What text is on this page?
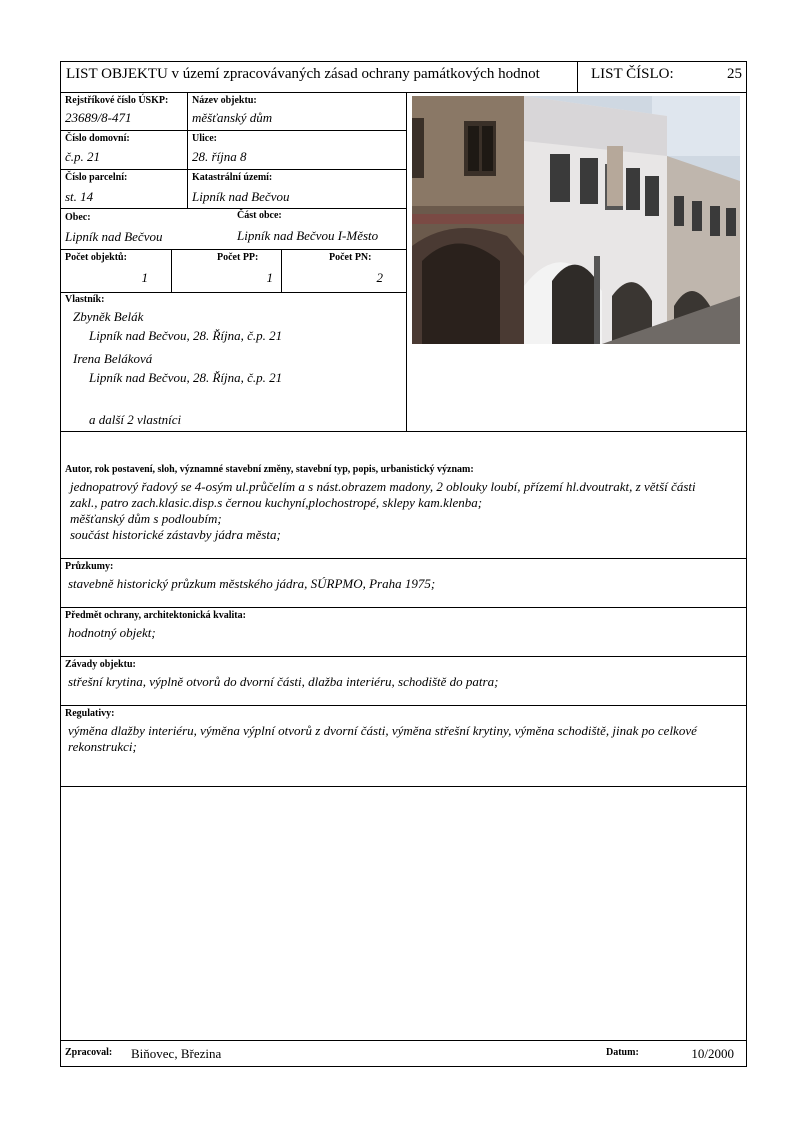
LIST OBJEKTU v území zpracovávaných zásad ochrany památkových hodnot	LIST ČÍSLO:	25
Rejstříkové číslo ÚSKP:
23689/8-471
Název objektu:
měšťanský dům
Číslo domovní:
č.p. 21
Ulice:
28. října 8
Číslo parcelní:
st. 14
Katastrální území:
Lipník nad Bečvou
Obec:
Lipník nad Bečvou
Část obce:
Lipník nad Bečvou I-Město
Počet objektů:
1
Počet PP:
1
Počet PN:
2
Vlastník:
Zbyněk Belák
Lipník nad Bečvou, 28. Října, č.p. 21
Irena Beláková
Lipník nad Bečvou, 28. Října, č.p. 21
a další 2 vlastníci
Autor, rok postavení, sloh, významné stavební změny, stavební typ, popis, urbanistický význam:
jednopatrový řadový se 4-osým ul.průčelím a s nást.obrazem madony, 2 oblouky loubí, přízemí hl.dvoutrakt, z větší části
zakl., patro zach.klasic.disp.s černou kuchyní,plochostropé, sklepy kam.klenba;
měšťanský dům s podloubím;
součást historické zástavby jádra města;
Průzkumy:
stavebně historický průzkum městského jádra, SÚRPMO, Praha 1975;
Předmět ochrany, architektonická kvalita:
hodnotný objekt;
Závady objektu:
střešní krytina, výplně otvorů do dvorní části, dlažba interiéru, schodiště do patra;
Regulativy:
výměna dlažby interiéru, výměna výplní otvorů z dvorní části, výměna střešní krytiny, výměna schodiště, jinak po celkové
rekonstrukci;
Zpracoval: Biňovec, Březina	Datum:	10/2000
